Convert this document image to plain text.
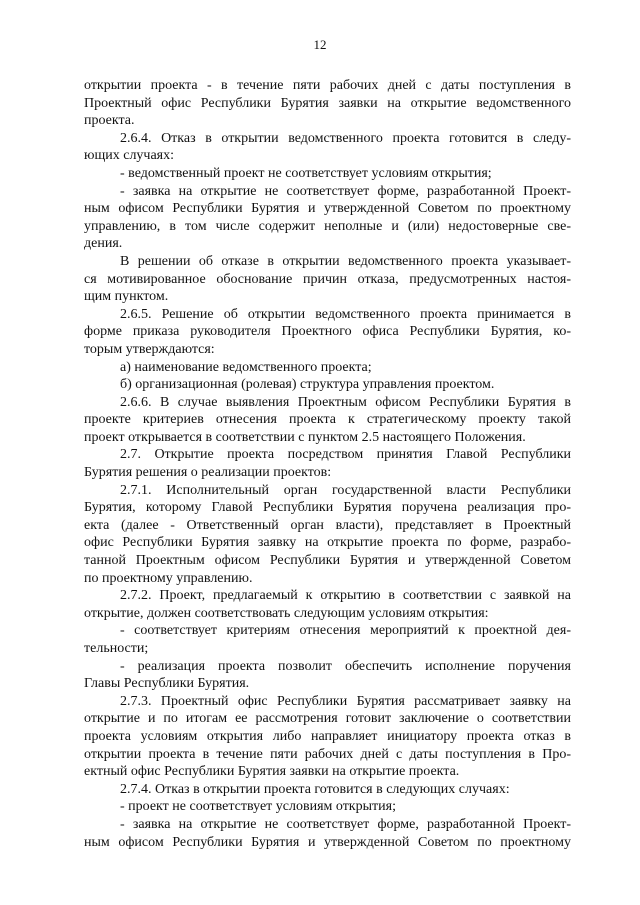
12
открытии проекта - в течение пяти рабочих дней с даты поступления в
Проектный офис Республики Бурятия заявки на открытие ведомственного
проекта.
2.6.4. Отказ в открытии ведомственного проекта готовится в следу-
ющих случаях:
- ведомственный проект не соответствует условиям открытия;
- заявка на открытие не соответствует форме, разработанной Проект-
ным офисом Республики Бурятия и утвержденной Советом по проектному
управлению, в том числе содержит неполные и (или) недостоверные све-
дения.
В решении об отказе в открытии ведомственного проекта указывает-
ся мотивированное обоснование причин отказа, предусмотренных настоя-
щим пунктом.
2.6.5. Решение об открытии ведомственного проекта принимается в
форме приказа руководителя Проектного офиса Республики Бурятия, ко-
торым утверждаются:
а) наименование ведомственного проекта;
б) организационная (ролевая) структура управления проектом.
2.6.6. В случае выявления Проектным офисом Республики Бурятия в
проекте критериев отнесения проекта к стратегическому проекту такой
проект открывается в соответствии с пунктом 2.5 настоящего Положения.
2.7. Открытие проекта посредством принятия Главой Республики
Бурятия решения о реализации проектов:
2.7.1. Исполнительный орган государственной власти Республики
Бурятия, которому Главой Республики Бурятия поручена реализация про-
екта (далее - Ответственный орган власти), представляет в Проектный
офис Республики Бурятия заявку на открытие проекта по форме, разрабо-
танной Проектным офисом Республики Бурятия и утвержденной Советом
по проектному управлению.
2.7.2. Проект, предлагаемый к открытию в соответствии с заявкой на
открытие, должен соответствовать следующим условиям открытия:
- соответствует критериям отнесения мероприятий к проектной дея-
тельности;
- реализация проекта позволит обеспечить исполнение поручения
Главы Республики Бурятия.
2.7.3. Проектный офис Республики Бурятия рассматривает заявку на
открытие и по итогам ее рассмотрения готовит заключение о соответствии
проекта условиям открытия либо направляет инициатору проекта отказ в
открытии проекта в течение пяти рабочих дней с даты поступления в Про-
ектный офис Республики Бурятия заявки на открытие проекта.
2.7.4. Отказ в открытии проекта готовится в следующих случаях:
- проект не соответствует условиям открытия;
- заявка на открытие не соответствует форме, разработанной Проект-
ным офисом Республики Бурятия и утвержденной Советом по проектному
